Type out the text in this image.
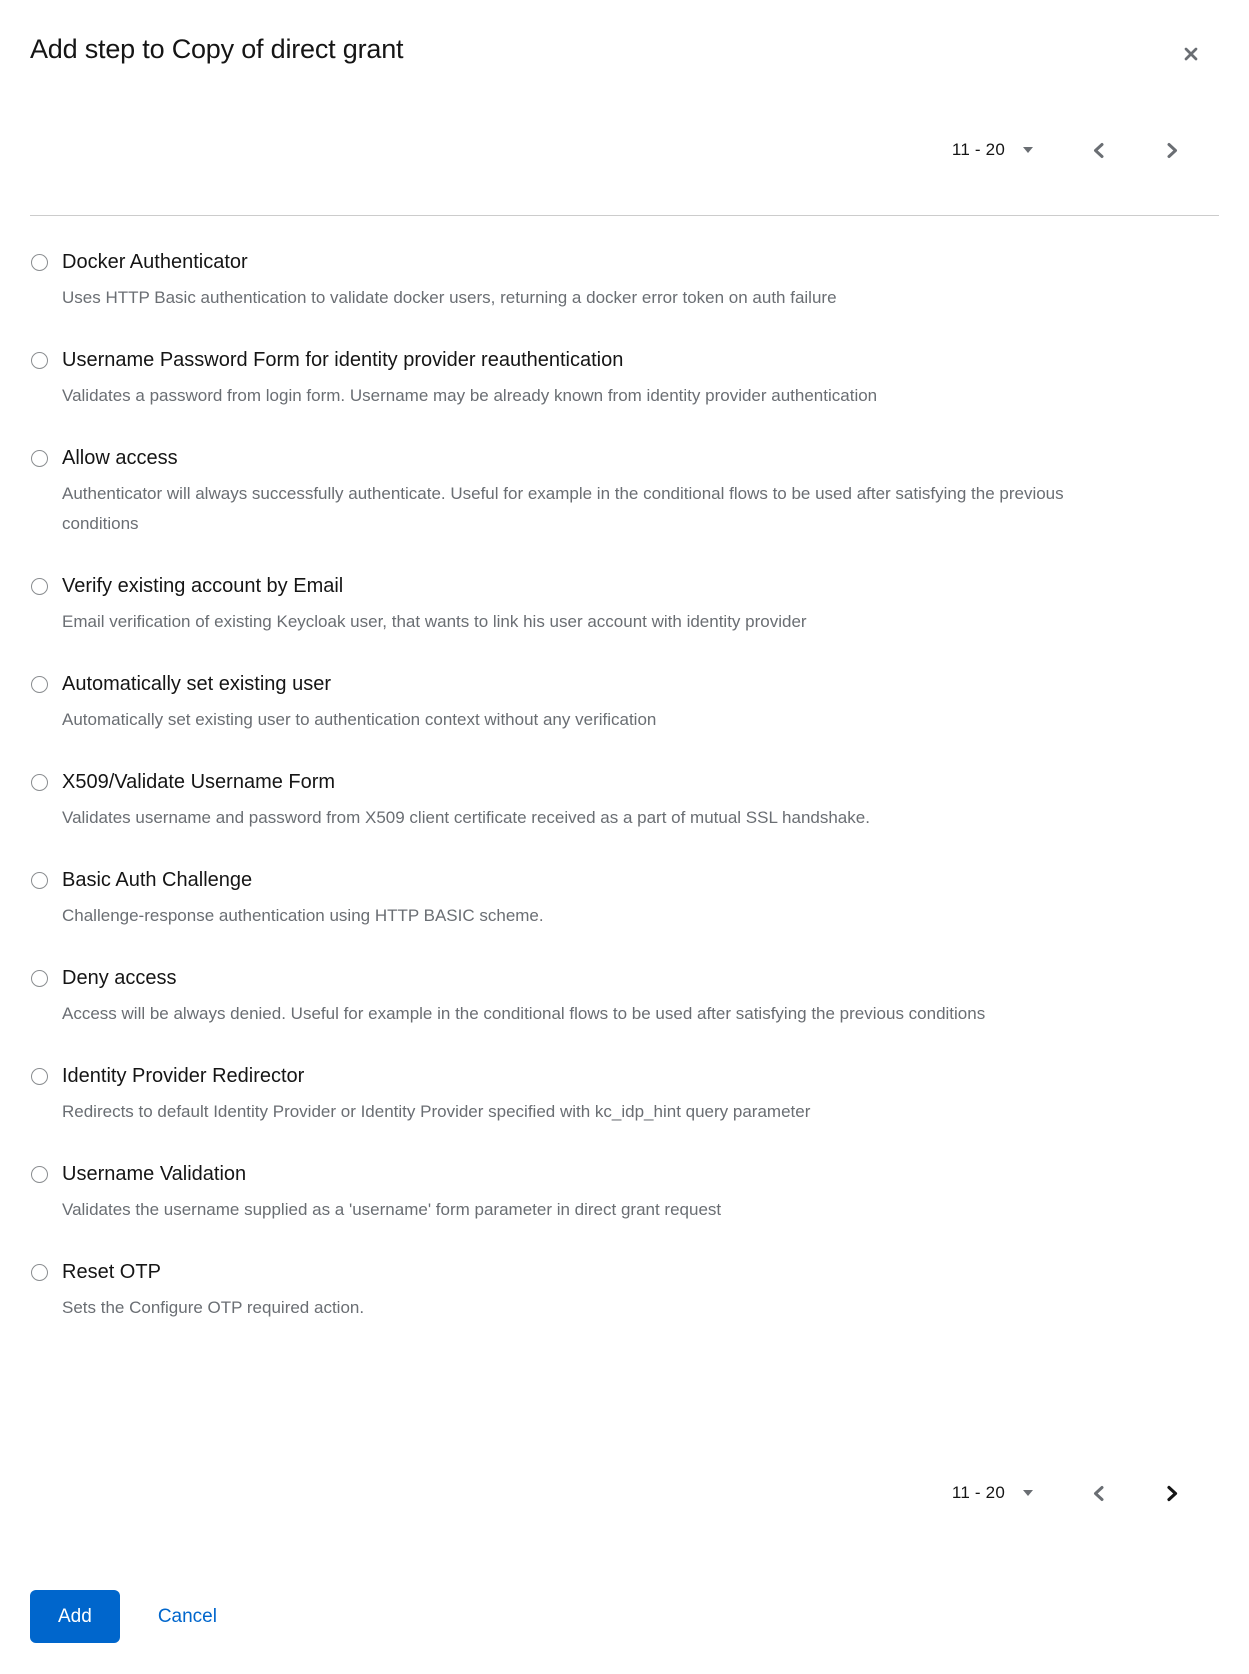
Add step to Copy of direct grant
11 - 20
Docker Authenticator
Uses HTTP Basic authentication to validate docker users, returning a docker error token on auth failure
Username Password Form for identity provider reauthentication
Validates a password from login form. Username may be already known from identity provider authentication
Allow access
Authenticator will always successfully authenticate. Useful for example in the conditional flows to be used after satisfying the previous conditions
Verify existing account by Email
Email verification of existing Keycloak user, that wants to link his user account with identity provider
Automatically set existing user
Automatically set existing user to authentication context without any verification
X509/Validate Username Form
Validates username and password from X509 client certificate received as a part of mutual SSL handshake.
Basic Auth Challenge
Challenge-response authentication using HTTP BASIC scheme.
Deny access
Access will be always denied. Useful for example in the conditional flows to be used after satisfying the previous conditions
Identity Provider Redirector
Redirects to default Identity Provider or Identity Provider specified with kc_idp_hint query parameter
Username Validation
Validates the username supplied as a 'username' form parameter in direct grant request
Reset OTP
Sets the Configure OTP required action.
11 - 20
Add	Cancel
